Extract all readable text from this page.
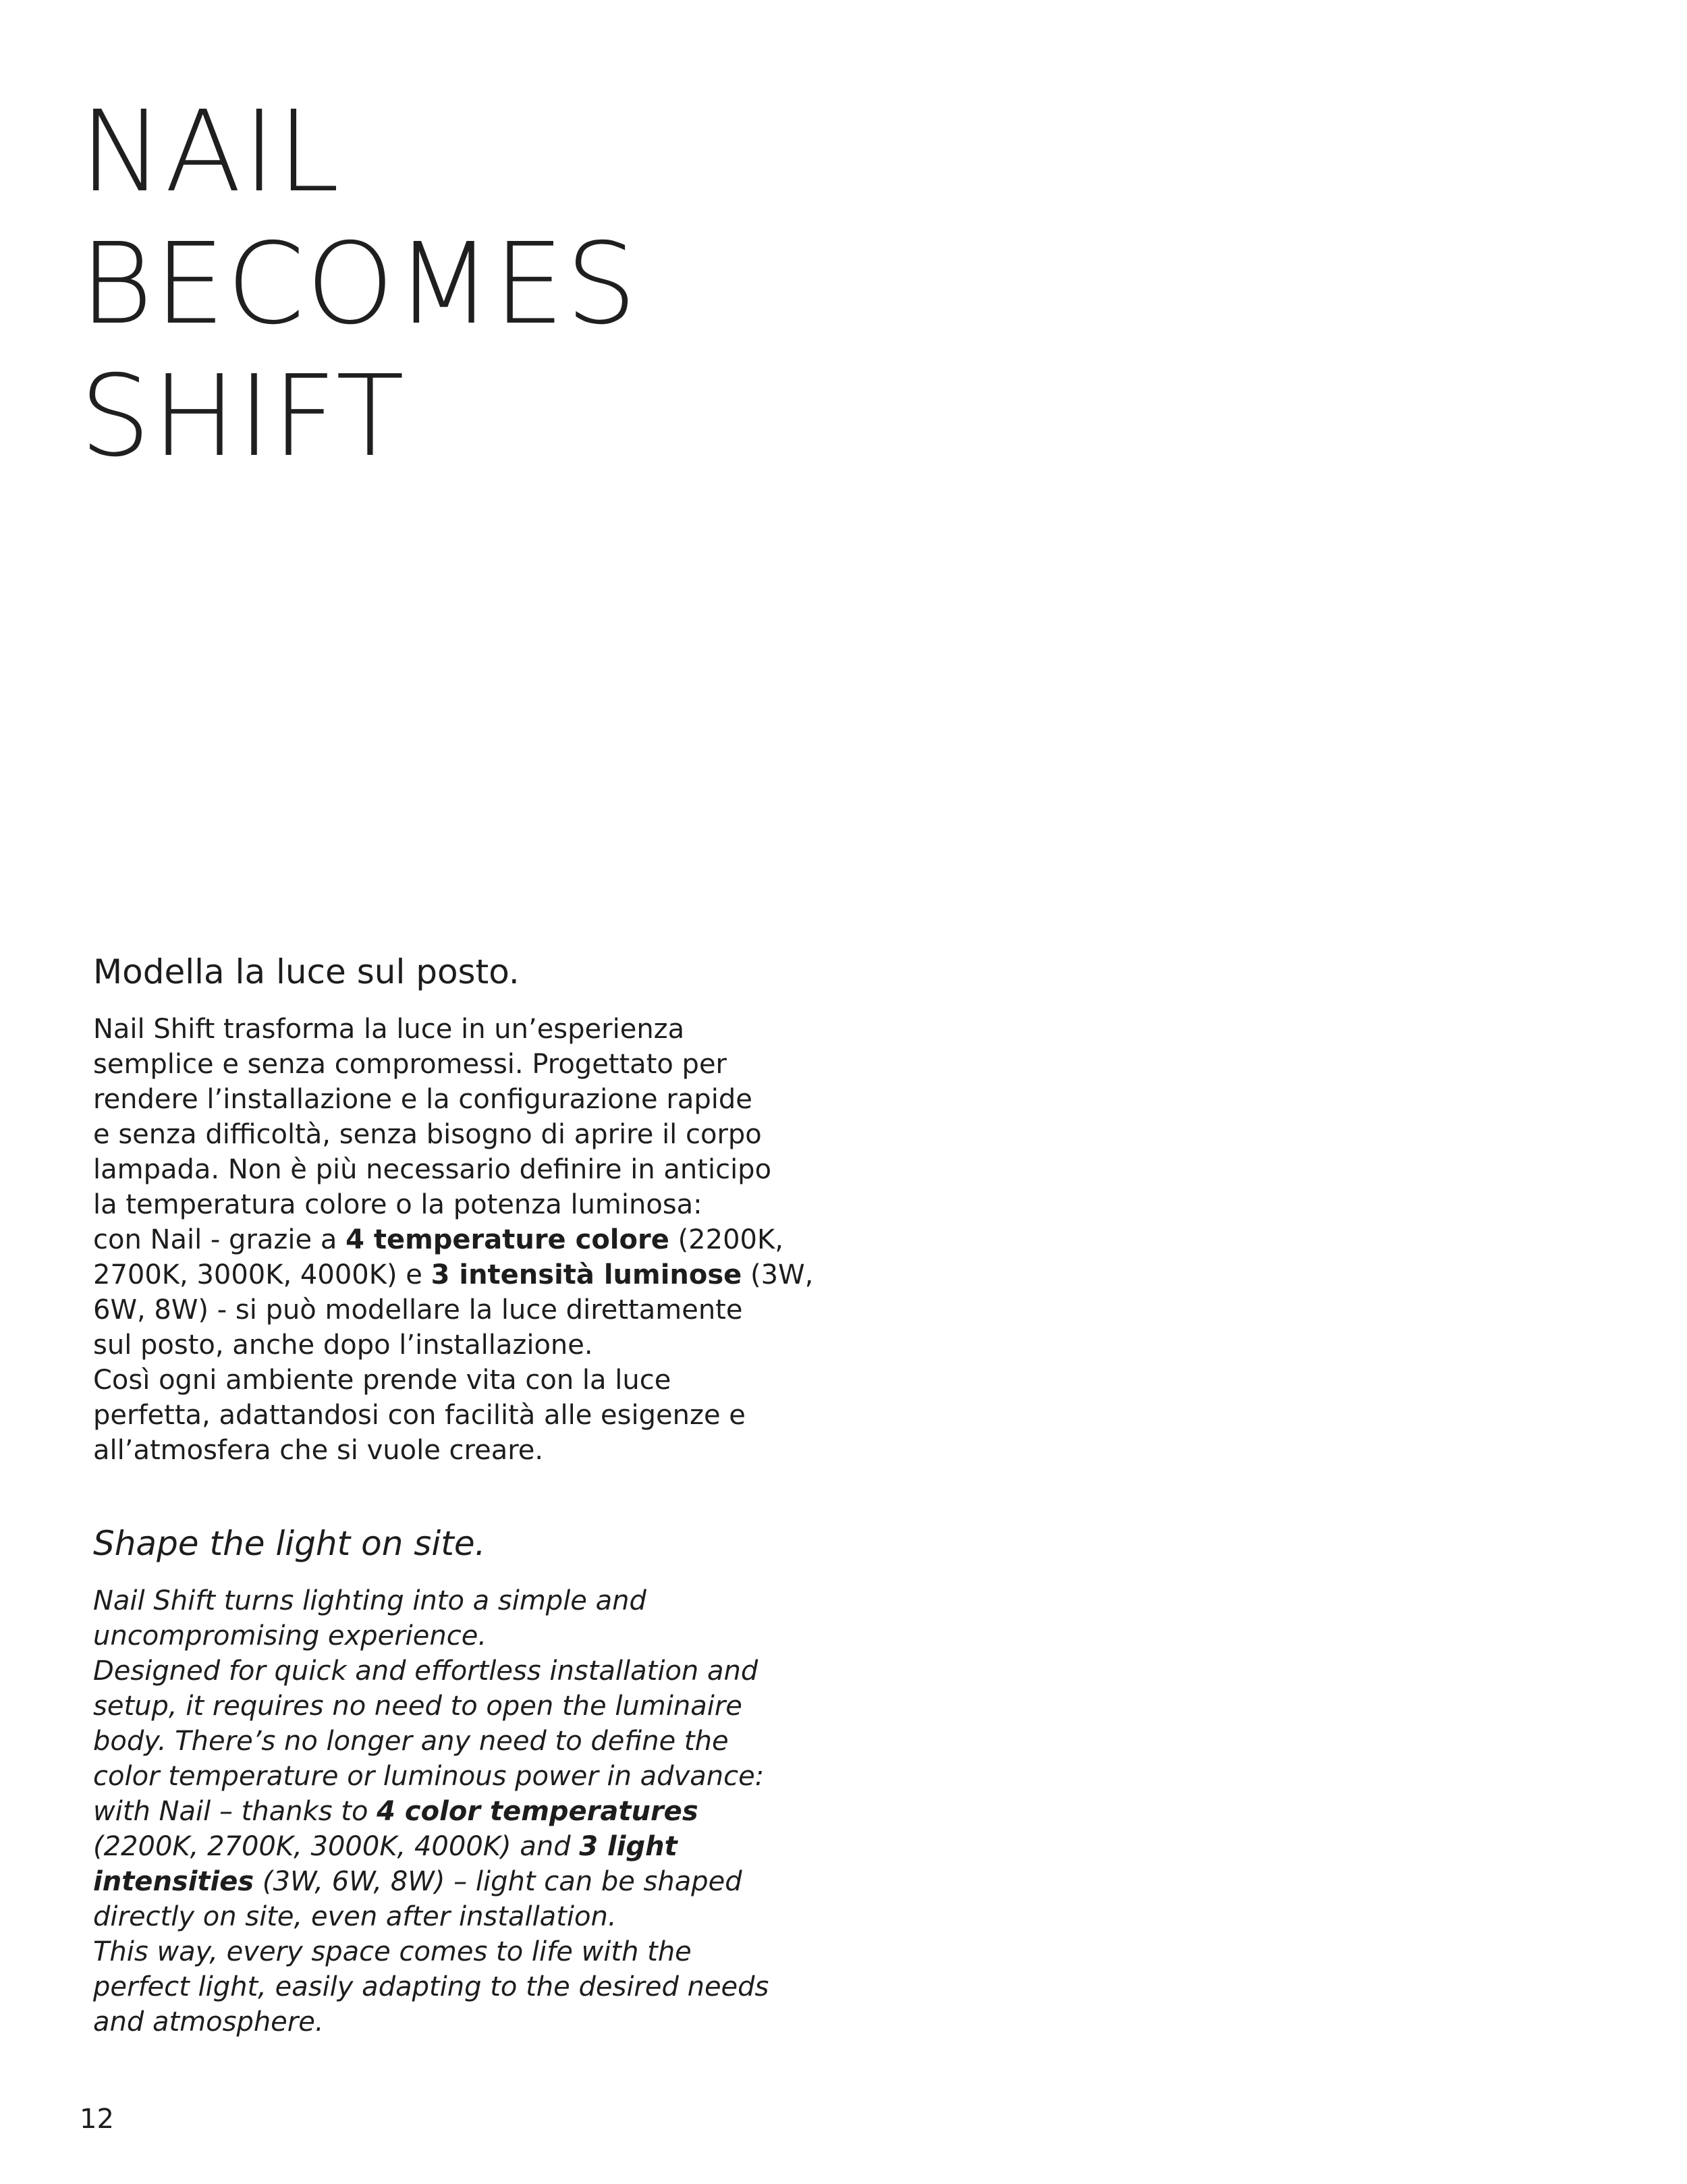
NAIL
BECOMES
SHIFT
Modella la luce sul posto.

Nail Shift trasforma la luce in un’esperienza
semplice e senza compromessi. Progettato per
rendere l’installazione e la configurazione rapide
e senza difficoltà, senza bisogno di aprire il corpo
lampada. Non è più necessario definire in anticipo
la temperatura colore o la potenza luminosa:
con Nail - grazie a 4 temperature colore (2200K,
2700K, 3000K, 4000K) e 3 intensità luminose (3W,
6W, 8W) - si può modellare la luce direttamente
sul posto, anche dopo l’installazione.
Così ogni ambiente prende vita con la luce
perfetta, adattandosi con facilità alle esigenze e
all’atmosfera che si vuole creare.

Shape the light on site.

Nail Shift turns lighting into a simple and
uncompromising experience.
Designed for quick and effortless installation and
setup, it requires no need to open the luminaire
body. There’s no longer any need to define the
color temperature or luminous power in advance:
with Nail – thanks to 4 color temperatures
(2200K, 2700K, 3000K, 4000K) and 3 light
intensities (3W, 6W, 8W) – light can be shaped
directly on site, even after installation.
This way, every space comes to life with the
perfect light, easily adapting to the desired needs
and atmosphere.

12
